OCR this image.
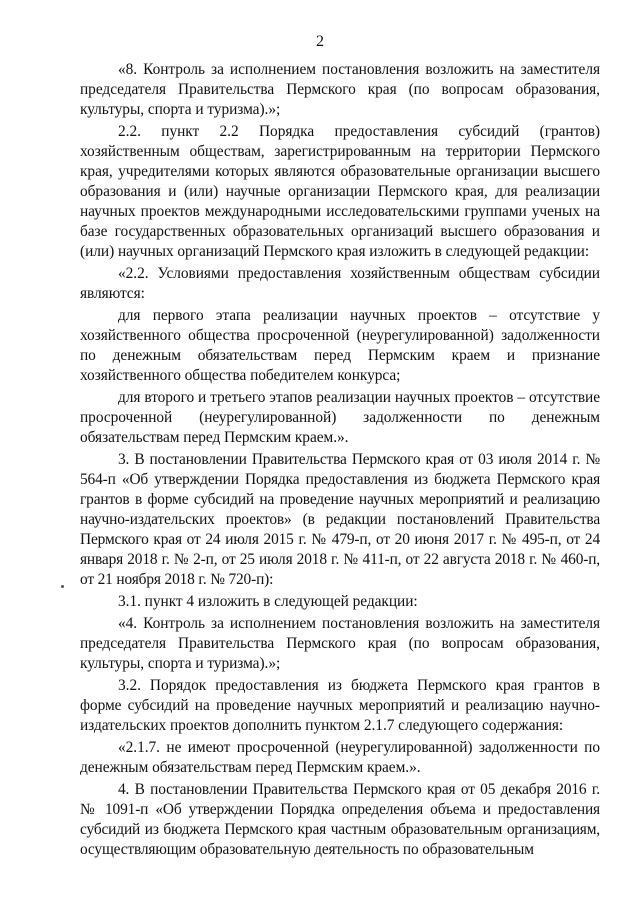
2

«8. Контроль за исполнением постановления возложить на заместителя председателя Правительства Пермского края (по вопросам образования, культуры, спорта и туризма).»;

2.2. пункт 2.2 Порядка предоставления субсидий (грантов) хозяйственным обществам, зарегистрированным на территории Пермского края, учредителями которых являются образовательные организации высшего образования и (или) научные организации Пермского края, для реализации научных проектов международными исследовательскими группами ученых на базе государственных образовательных организаций высшего образования и (или) научных организаций Пермского края изложить в следующей редакции:

«2.2. Условиями предоставления хозяйственным обществам субсидии являются:

для первого этапа реализации научных проектов – отсутствие у хозяйственного общества просроченной (неурегулированной) задолженности по денежным обязательствам перед Пермским краем и признание хозяйственного общества победителем конкурса;

для второго и третьего этапов реализации научных проектов – отсутствие просроченной (неурегулированной) задолженности по денежным обязательствам перед Пермским краем.».

3. В постановлении Правительства Пермского края от 03 июля 2014 г. № 564-п «Об утверждении Порядка предоставления из бюджета Пермского края грантов в форме субсидий на проведение научных мероприятий и реализацию научно-издательских проектов» (в редакции постановлений Правительства Пермского края от 24 июля 2015 г. № 479-п, от 20 июня 2017 г. № 495-п, от 24 января 2018 г. № 2-п, от 25 июля 2018 г. № 411-п, от 22 августа 2018 г. № 460-п, от 21 ноября 2018 г. № 720-п):

3.1. пункт 4 изложить в следующей редакции:

«4. Контроль за исполнением постановления возложить на заместителя председателя Правительства Пермского края (по вопросам образования, культуры, спорта и туризма).»;

3.2. Порядок предоставления из бюджета Пермского края грантов в форме субсидий на проведение научных мероприятий и реализацию научно-издательских проектов дополнить пунктом 2.1.7 следующего содержания:

«2.1.7. не имеют просроченной (неурегулированной) задолженности по денежным обязательствам перед Пермским краем.».

4. В постановлении Правительства Пермского края от 05 декабря 2016 г. № 1091-п «Об утверждении Порядка определения объема и предоставления субсидий из бюджета Пермского края частным образовательным организациям, осуществляющим образовательную деятельность по образовательным
